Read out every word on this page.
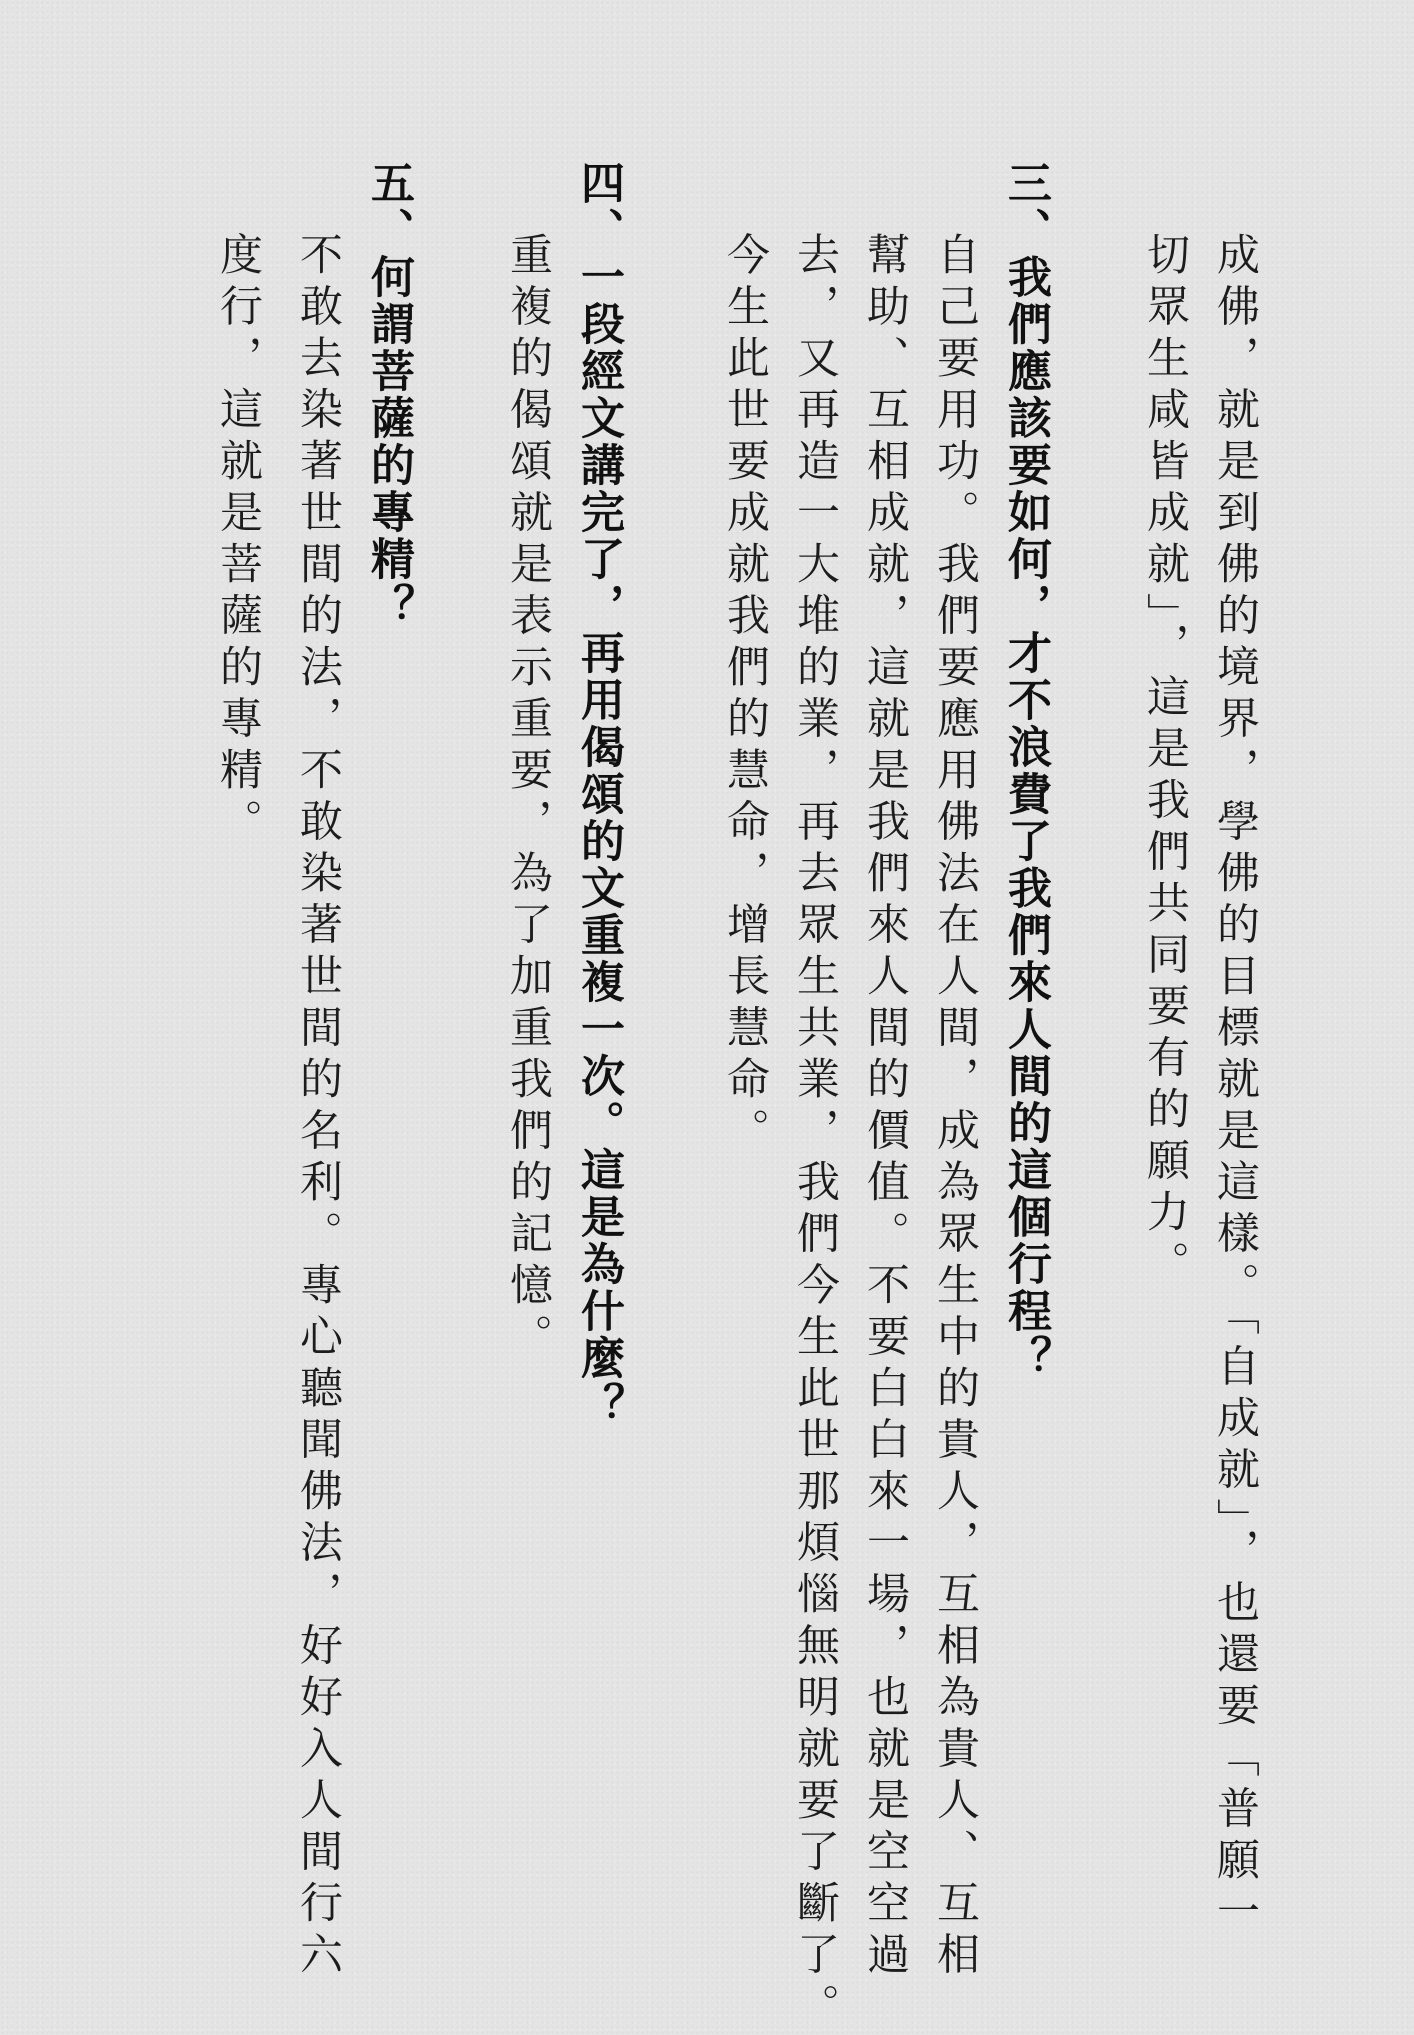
成佛，就是到佛的境界，學佛的目標就是這樣。「自成就」，也還要「普願一
切眾生咸皆成就」，這是我們共同要有的願力。
三、我們應該要如何，才不浪費了我們來人間的這個行程？
自己要用功。我們要應用佛法在人間，成為眾生中的貴人，互相為貴人、互相
幫助、互相成就，這就是我們來人間的價值。不要白白來一場，也就是空空過
去，又再造一大堆的業，再去眾生共業，我們今生此世那煩惱無明就要了斷了。
今生此世要成就我們的慧命，增長慧命。
四、一段經文講完了，再用偈頌的文重複一次。這是為什麼？
重複的偈頌就是表示重要，為了加重我們的記憶。
五、何謂菩薩的專精？
不敢去染著世間的法，不敢染著世間的名利。專心聽聞佛法，好好入人間行六
度行，這就是菩薩的專精。
